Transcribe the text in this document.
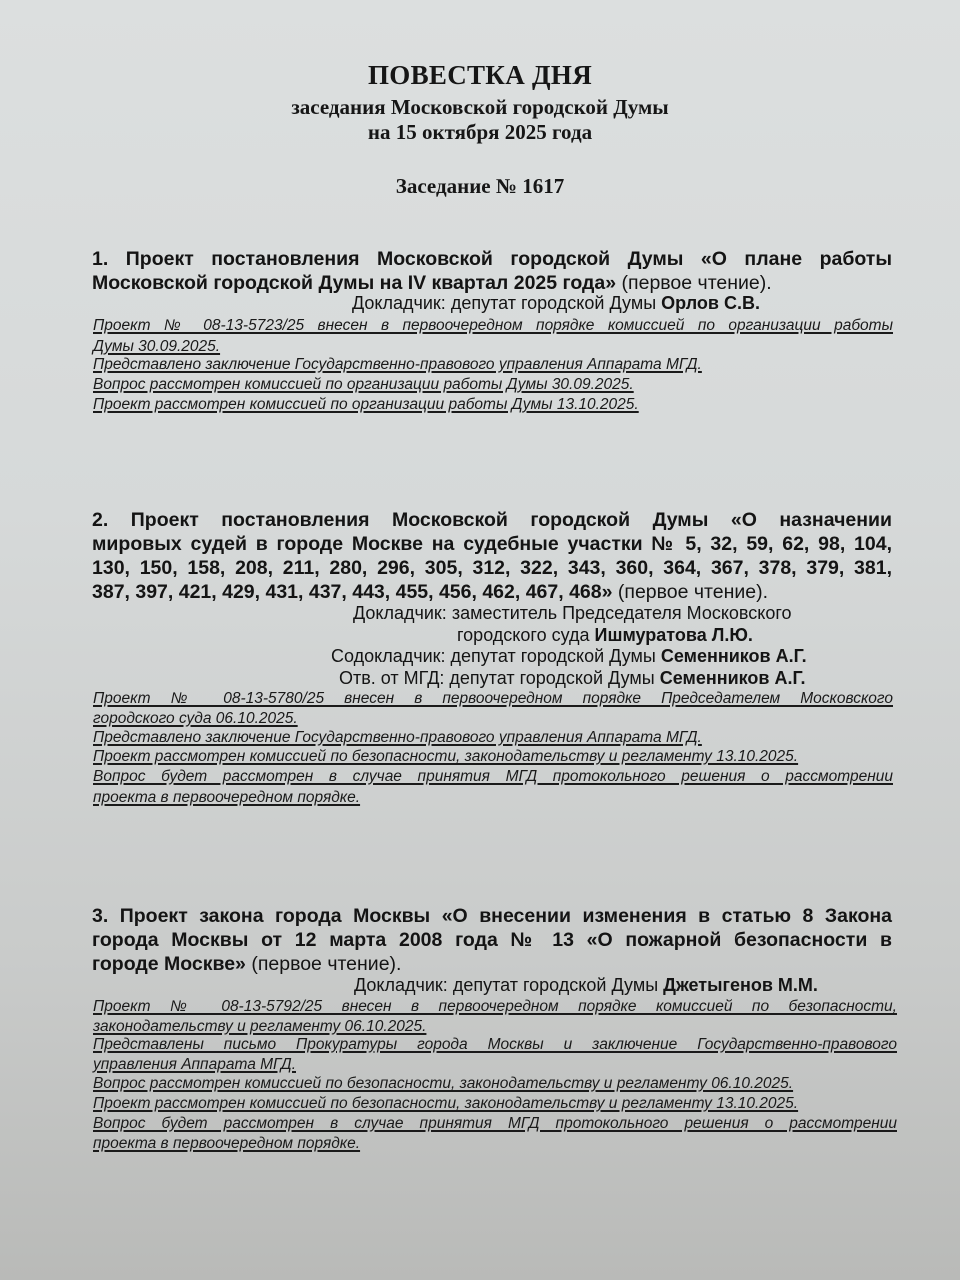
ПОВЕСТКА ДНЯ
заседания Московской городской Думы
на 15 октября 2025 года
Заседание № 1617
1. Проект постановления Московской городской Думы «О плане работы
Московской городской Думы на IV квартал 2025 года» (первое чтение).
Докладчик: депутат городской Думы Орлов С.В.
Проект № 08-13-5723/25 внесен в первоочередном порядке комиссией по организации работы
Думы 30.09.2025.
Представлено заключение Государственно-правового управления Аппарата МГД.
Вопрос рассмотрен комиссией по организации работы Думы 30.09.2025.
Проект рассмотрен комиссией по организации работы Думы 13.10.2025.
2. Проект постановления Московской городской Думы «О назначении
мировых судей в городе Москве на судебные участки № 5, 32, 59, 62, 98, 104,
130, 150, 158, 208, 211, 280, 296, 305, 312, 322, 343, 360, 364, 367, 378, 379, 381,
387, 397, 421, 429, 431, 437, 443, 455, 456, 462, 467, 468» (первое чтение).
Докладчик: заместитель Председателя Московского
городского суда Ишмуратова Л.Ю.
Содокладчик: депутат городской Думы Семенников А.Г.
Отв. от МГД: депутат городской Думы Семенников А.Г.
Проект № 08-13-5780/25 внесен в первоочередном порядке Председателем Московского
городского суда 06.10.2025.
Представлено заключение Государственно-правового управления Аппарата МГД.
Проект рассмотрен комиссией по безопасности, законодательству и регламенту 13.10.2025.
Вопрос будет рассмотрен в случае принятия МГД протокольного решения о рассмотрении
проекта в первоочередном порядке.
3. Проект закона города Москвы «О внесении изменения в статью 8 Закона
города Москвы от 12 марта 2008 года № 13 «О пожарной безопасности в
городе Москве» (первое чтение).
Докладчик: депутат городской Думы Джетыгенов М.М.
Проект № 08-13-5792/25 внесен в первоочередном порядке комиссией по безопасности,
законодательству и регламенту 06.10.2025.
Представлены письмо Прокуратуры города Москвы и заключение Государственно-правового
управления Аппарата МГД.
Вопрос рассмотрен комиссией по безопасности, законодательству и регламенту 06.10.2025.
Проект рассмотрен комиссией по безопасности, законодательству и регламенту 13.10.2025.
Вопрос будет рассмотрен в случае принятия МГД протокольного решения о рассмотрении
проекта в первоочередном порядке.
